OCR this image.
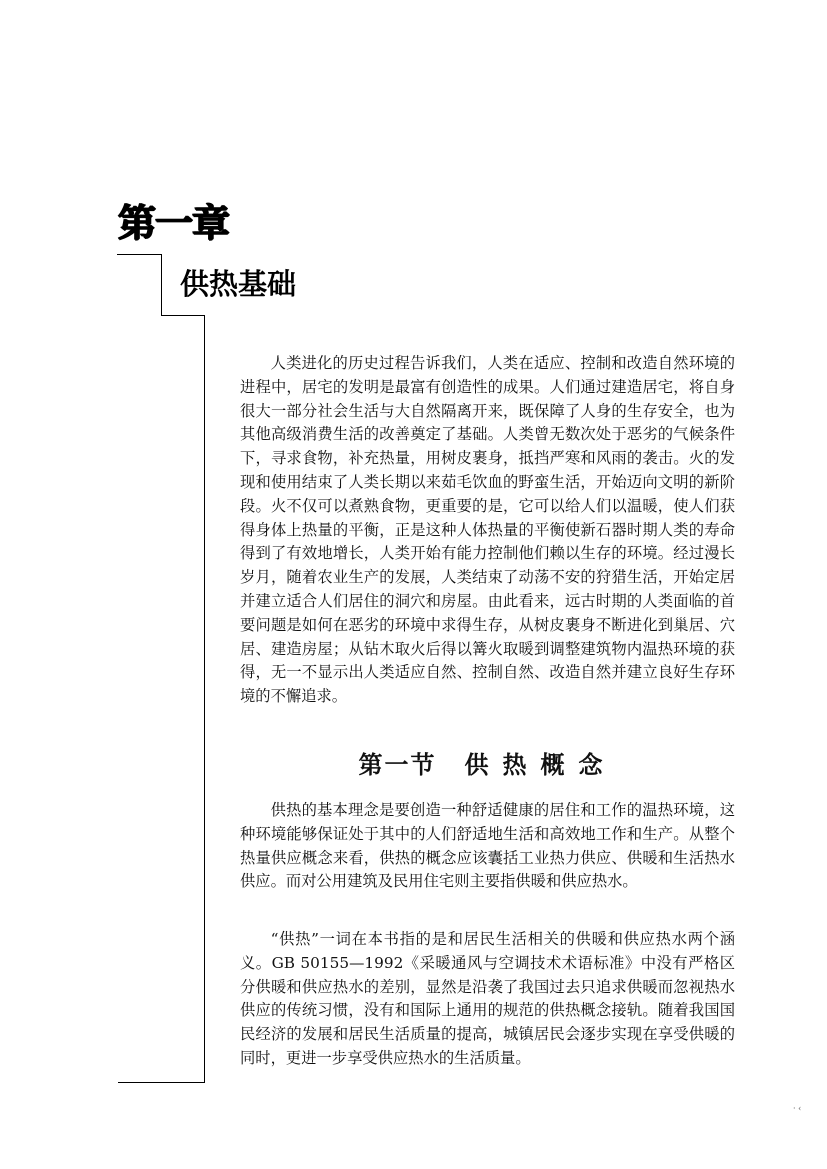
第一章
供热基础

人类进化的历史过程告诉我们，人类在适应、控制和改造自然环境的进程中，居宅的发明是最富有创造性的成果。人们通过建造居宅，将自身很大一部分社会生活与大自然隔离开来，既保障了人身的生存安全，也为其他高级消费生活的改善奠定了基础。人类曾无数次处于恶劣的气候条件下，寻求食物，补充热量，用树皮裹身，抵挡严寒和风雨的袭击。火的发现和使用结束了人类长期以来茹毛饮血的野蛮生活，开始迈向文明的新阶段。火不仅可以煮熟食物，更重要的是，它可以给人们以温暖，使人们获得身体上热量的平衡，正是这种人体热量的平衡使新石器时期人类的寿命得到了有效地增长，人类开始有能力控制他们赖以生存的环境。经过漫长岁月，随着农业生产的发展，人类结束了动荡不安的狩猎生活，开始定居并建立适合人们居住的洞穴和房屋。由此看来，远古时期的人类面临的首要问题是如何在恶劣的环境中求得生存，从树皮裹身不断进化到巢居、穴居、建造房屋；从钻木取火后得以篝火取暖到调整建筑物内温热环境的获得，无一不显示出人类适应自然、控制自然、改造自然并建立良好生存环境的不懈追求。

第一节 供热概念

供热的基本理念是要创造一种舒适健康的居住和工作的温热环境，这种环境能够保证处于其中的人们舒适地生活和高效地工作和生产。从整个热量供应概念来看，供热的概念应该囊括工业热力供应、供暖和生活热水供应。而对公用建筑及民用住宅则主要指供暖和供应热水。

“供热”一词在本书指的是和居民生活相关的供暖和供应热水两个涵义。GB 50155—1992《采暖通风与空调技术术语标准》中没有严格区分供暖和供应热水的差别，显然是沿袭了我国过去只追求供暖而忽视热水供应的传统习惯，没有和国际上通用的规范的供热概念接轨。随着我国国民经济的发展和居民生活质量的提高，城镇居民会逐步实现在享受供暖的同时，更进一步享受供应热水的生活质量。

· ‹
